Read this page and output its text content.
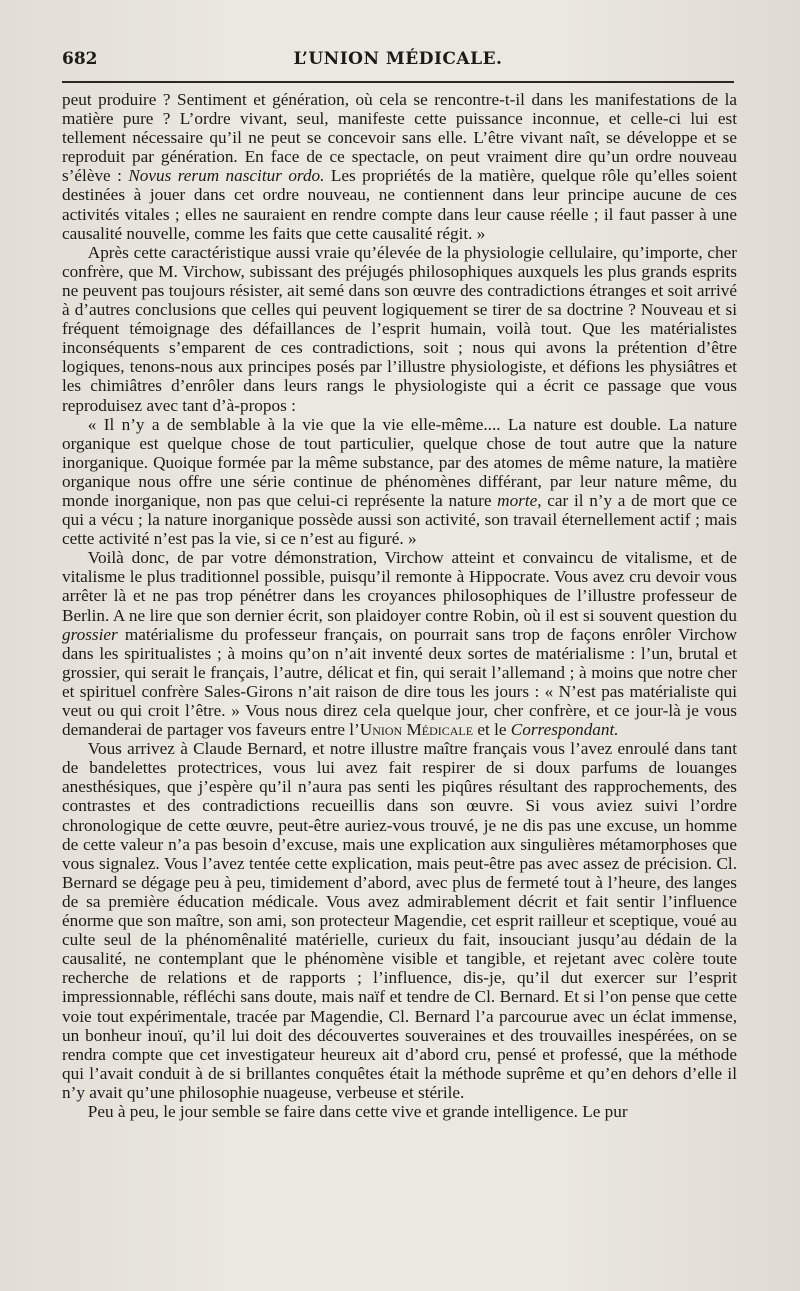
682	L’UNION MÉDICALE.

peut produire ? Sentiment et génération, où cela se rencontre-t-il dans les manifestations de la matière pure ? L’ordre vivant, seul, manifeste cette puissance inconnue, et celle-ci lui est tellement nécessaire qu’il ne peut se concevoir sans elle. L’être vivant naît, se développe et se reproduit par génération. En face de ce spectacle, on peut vraiment dire qu’un ordre nouveau s’élève : Novus rerum nascitur ordo. Les propriétés de la matière, quelque rôle qu’elles soient destinées à jouer dans cet ordre nouveau, ne contiennent dans leur principe aucune de ces activités vitales ; elles ne sauraient en rendre compte dans leur cause réelle ; il faut passer à une causalité nouvelle, comme les faits que cette causalité régit. »

Après cette caractéristique aussi vraie qu’élevée de la physiologie cellulaire, qu’importe, cher confrère, que M. Virchow, subissant des préjugés philosophiques auxquels les plus grands esprits ne peuvent pas toujours résister, ait semé dans son œuvre des contradictions étranges et soit arrivé à d’autres conclusions que celles qui peuvent logiquement se tirer de sa doctrine ? Nouveau et si fréquent témoignage des défaillances de l’esprit humain, voilà tout. Que les matérialistes inconséquents s’emparent de ces contradictions, soit ; nous qui avons la prétention d’être logiques, tenons-nous aux principes posés par l’illustre physiologiste, et défions les physiâtres et les chimiâtres d’enrôler dans leurs rangs le physiologiste qui a écrit ce passage que vous reproduisez avec tant d’à-propos :

« Il n’y a de semblable à la vie que la vie elle-même.... La nature est double. La nature organique est quelque chose de tout particulier, quelque chose de tout autre que la nature inorganique. Quoique formée par la même substance, par des atomes de même nature, la matière organique nous offre une série continue de phénomènes différant, par leur nature même, du monde inorganique, non pas que celui-ci représente la nature morte, car il n’y a de mort que ce qui a vécu ; la nature inorganique possède aussi son activité, son travail éternellement actif ; mais cette activité n’est pas la vie, si ce n’est au figuré. »

Voilà donc, de par votre démonstration, Virchow atteint et convaincu de vitalisme, et de vitalisme le plus traditionnel possible, puisqu’il remonte à Hippocrate. Vous avez cru devoir vous arrêter là et ne pas trop pénétrer dans les croyances philosophiques de l’illustre professeur de Berlin. A ne lire que son dernier écrit, son plaidoyer contre Robin, où il est si souvent question du grossier matérialisme du professeur français, on pourrait sans trop de façons enrôler Virchow dans les spiritualistes ; à moins qu’on n’ait inventé deux sortes de matérialisme : l’un, brutal et grossier, qui serait le français, l’autre, délicat et fin, qui serait l’allemand ; à moins que notre cher et spirituel confrère Sales-Girons n’ait raison de dire tous les jours : « N’est pas matérialiste qui veut ou qui croit l’être. » Vous nous direz cela quelque jour, cher confrère, et ce jour-là je vous demanderai de partager vos faveurs entre l’Union Médicale et le Correspondant.

Vous arrivez à Claude Bernard, et notre illustre maître français vous l’avez enroulé dans tant de bandelettes protectrices, vous lui avez fait respirer de si doux parfums de louanges anesthésiques, que j’espère qu’il n’aura pas senti les piqûres résultant des rapprochements, des contrastes et des contradictions recueillis dans son œuvre. Si vous aviez suivi l’ordre chronologique de cette œuvre, peut-être auriez-vous trouvé, je ne dis pas une excuse, un homme de cette valeur n’a pas besoin d’excuse, mais une explication aux singulières métamorphoses que vous signalez. Vous l’avez tentée cette explication, mais peut-être pas avec assez de précision. Cl. Bernard se dégage peu à peu, timidement d’abord, avec plus de fermeté tout à l’heure, des langes de sa première éducation médicale. Vous avez admirablement décrit et fait sentir l’influence énorme que son maître, son ami, son protecteur Magendie, cet esprit railleur et sceptique, voué au culte seul de la phénomênalité matérielle, curieux du fait, insouciant jusqu’au dédain de la causalité, ne contemplant que le phénomène visible et tangible, et rejetant avec colère toute recherche de relations et de rapports ; l’influence, dis-je, qu’il dut exercer sur l’esprit impressionnable, réfléchi sans doute, mais naïf et tendre de Cl. Bernard. Et si l’on pense que cette voie tout expérimentale, tracée par Magendie, Cl. Bernard l’a parcourue avec un éclat immense, un bonheur inouï, qu’il lui doit des découvertes souveraines et des trouvailles inespérées, on se rendra compte que cet investigateur heureux ait d’abord cru, pensé et professé, que la méthode qui l’avait conduit à de si brillantes conquêtes était la méthode suprême et qu’en dehors d’elle il n’y avait qu’une philosophie nuageuse, verbeuse et stérile.

Peu à peu, le jour semble se faire dans cette vive et grande intelligence. Le pur
